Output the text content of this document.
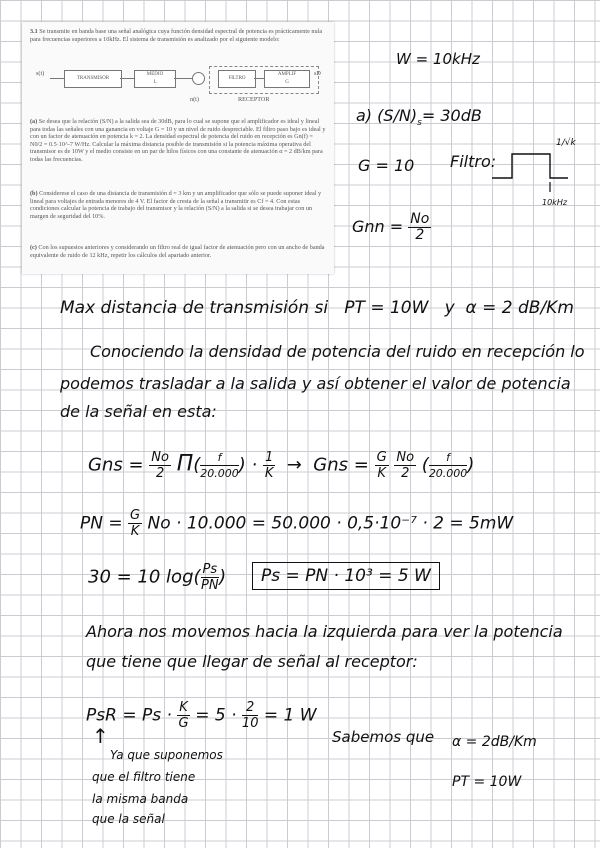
3.1 Se transmite en banda base una señal analógica cuya función densidad espectral de potencia es prácticamente nula para frecuencias superiores a 10kHz. El sistema de transmisión es analizado por el siguiente modelo:
s(t)
TRANSMISOR
MEDIO
L
n(t)
FILTRO
AMPLIF
G
sD
RECEPTOR
(a) Se desea que la relación (S/N) a la salida sea de 30dB, para lo cual se supone que el amplificador es ideal y lineal para todas las señales con una ganancia en voltaje G = 10 y un nivel de ruido despreciable. El filtro paso bajo es ideal y con un factor de atenuación en potencia k = 2. La densidad espectral de potencia del ruido en recepción es Gn(f) = N0/2 = 0.5·10^-7 W/Hz. Calcular la máxima distancia posible de transmisión si la potencia máxima operativa del transmisor es de 10W y el medio consiste en un par de hilos físicos con una constante de atenuación α = 2 dB/km para todas las frecuencias.
(b) Considerese el caso de una distancia de transmisión d = 3 km y un amplificador que sólo se puede suponer ideal y lineal para voltajes de entrada menores de 4 V. El factor de cresta de la señal a transmitir es Cf = 4. Con estas condiciones calcular la potencia de trabajo del transmisor y la relación (S/N) a la salida si se desea trabajar con un margen de seguridad del 10%.
(c) Con los supuestos anteriores y considerando un filtro real de igual factor de atenuación pero con un ancho de banda equivalente de ruido de 12 kHz, repetir los cálculos del apartado anterior.
W = 10kHz
a) $(S/N)_s= 30dB$
G = 10 Filtro:
1/√k
10kHz
Gnn = $\frac{No}{2}$
Max distancia de transmisión si PT = 10W y α = 2 dB/Km
Conociendo la densidad de potencia del ruido en recepción lo
podemos trasladar a la salida y así obtener el valor de potencia
de la señal en esta:
Gns = $\frac{No}{2} \Pi( \frac{f}{20.000}$ ) · $\frac{1}{K}$ → Gns = $\frac{G}{K}$
$\frac{No}{2}$ ( $\frac{f}{20.000}$ )
PN = $\frac{G}{K}$ No · 10.000 = 50.000 · 0,5·10⁻⁷ · 2 = 5mW
30 = 10 $\log( \frac{Ps}{PN}$ )	Ps = PN · 10³ = 5 W
Ahora nos movemos hacia la izquierda para ver la potencia
que tiene que llegar de señal al receptor:
PsR = $Ps \cdot \frac{K}{G} = 5 \cdot \frac{2}{10} = 1$ W
↑
Ya que suponemos
que el filtro tiene
la misma banda
que la señal
Sabemos que α = 2dB/Km
PT = 10W
